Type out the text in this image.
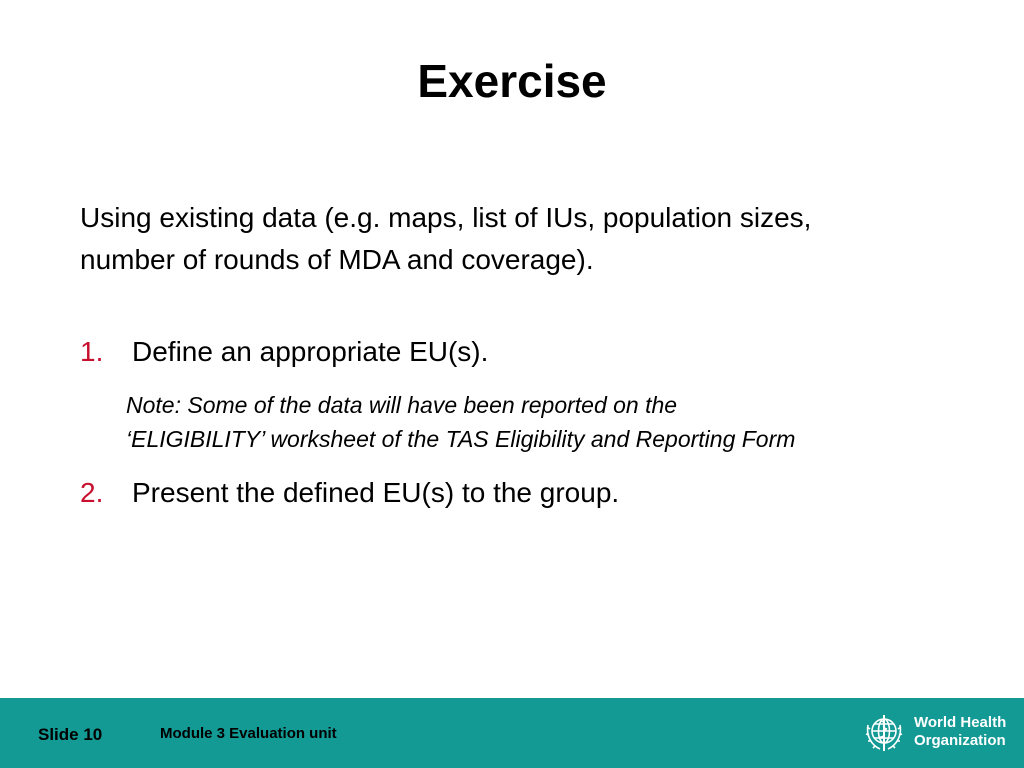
Exercise

Using existing data (e.g. maps, list of IUs, population sizes,
number of rounds of MDA and coverage).

1. Define an appropriate EU(s).

Note: Some of the data will have been reported on the
‘ELIGIBILITY’ worksheet of the TAS Eligibility and Reporting Form

2. Present the defined EU(s) to the group.
Slide 10	Module 3 Evaluation unit
World Health
Organization
